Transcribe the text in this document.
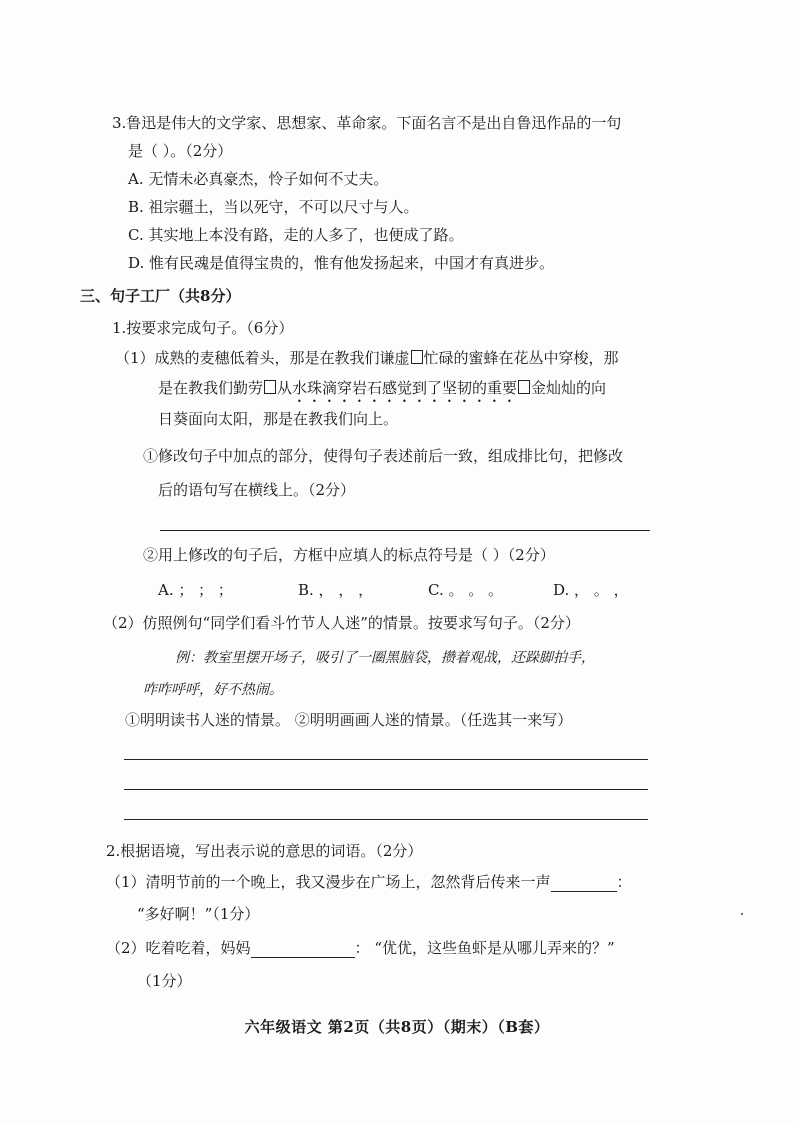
3.鲁迅是伟大的文学家、思想家、革命家。下面名言不是出自鲁迅作品的一句
是（ ）。（2分）
A. 无情未必真豪杰，怜子如何不丈夫。
B. 祖宗疆土，当以死守，不可以尺寸与人。
C. 其实地上本没有路，走的人多了，也便成了路。
D. 惟有民魂是值得宝贵的，惟有他发扬起来，中国才有真进步。
三、句子工厂（共8分）
1.按要求完成句子。（6分）
（1）成熟的麦穗低着头，那是在教我们谦虚 忙碌的蜜蜂在花丛中穿梭，那
是在教我们勤劳 从水珠滴穿岩石感觉到了坚韧的重要 金灿灿的向
日葵面向太阳，那是在教我们向上。
①修改句子中加点的部分，使得句子表述前后一致，组成排比句，把修改
后的语句写在横线上。（2分）
②用上修改的句子后，方框中应填人的标点符号是（ ）（2分）
A. ； ； ；	B. ， ， ，	C. 。 。 。	D. ， 。 ，
（2）仿照例句“同学们看斗竹节人人迷”的情景。按要求写句子。（2分）
例：教室里摆开场子，吸引了一圈黑脑袋，攒着观战，还跺脚拍手，
咋咋呼呼，好不热闹。
①明明读书人迷的情景。 ②明明画画人迷的情景。（任选其一来写）
2.根据语境，写出表示说的意思的词语。（2分）
（1）清明节前的一个晚上，我又漫步在广场上，忽然背后传来一声	：
“多好啊！”（1分）
（2）吃着吃着，妈妈	： “优优，这些鱼虾是从哪儿弄来的？”
（1分）
六年级语文 第2页（共8页）（期末）（B套）
